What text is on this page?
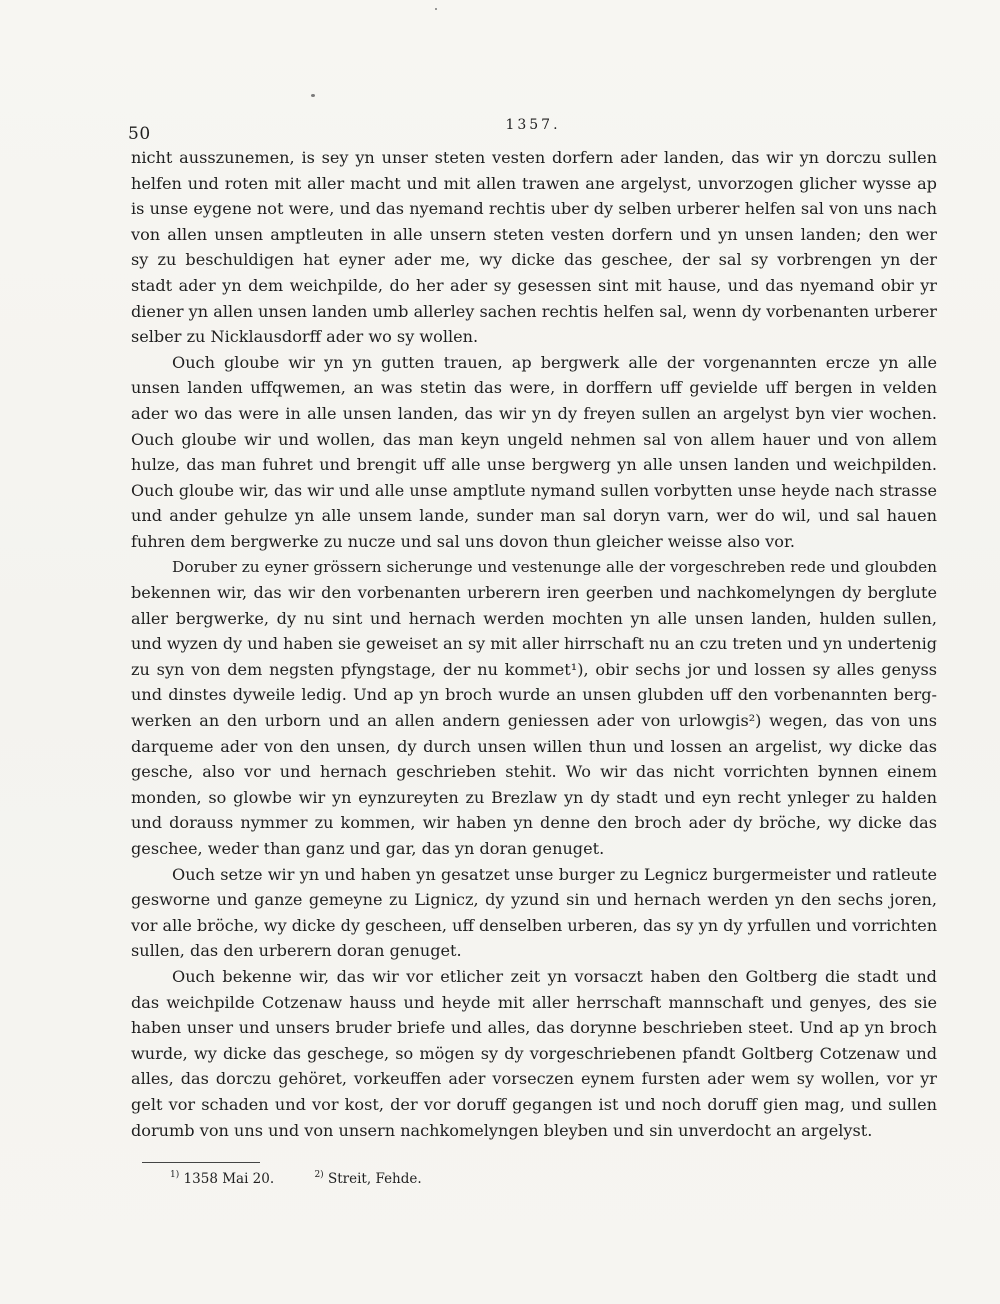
50	1357.
nicht ausszunemen, is sey yn unser steten vesten dorfern ader landen, das wir yn dorczu sullen
helfen und roten mit aller macht und mit allen trawen ane argelyst, unvorzogen glicher wysse ap
is unse eygene not were, und das nyemand rechtis uber dy selben urberer helfen sal von uns nach
von allen unsen amptleuten in alle unsern steten vesten dorfern und yn unsen landen; den wer
sy zu beschuldigen hat eyner ader me, wy dicke das geschee, der sal sy vorbrengen yn der
stadt ader yn dem weichpilde, do her ader sy gesessen sint mit hause, und das nyemand obir yr
diener yn allen unsen landen umb allerley sachen rechtis helfen sal, wenn dy vorbenanten urberer
selber zu Nicklausdorff ader wo sy wollen.
Ouch gloube wir yn yn gutten trauen, ap bergwerk alle der vorgenannten ercze yn alle
unsen landen uffqwemen, an was stetin das were, in dorffern uff gevielde uff bergen in velden
ader wo das were in alle unsen landen, das wir yn dy freyen sullen an argelyst byn vier wochen.
Ouch gloube wir und wollen, das man keyn ungeld nehmen sal von allem hauer und von allem
hulze, das man fuhret und brengit uff alle unse bergwerg yn alle unsen landen und weichpilden.
Ouch gloube wir, das wir und alle unse amptlute nymand sullen vorbytten unse heyde nach strasse
und ander gehulze yn alle unsem lande, sunder man sal doryn varn, wer do wil, und sal hauen
fuhren dem bergwerke zu nucze und sal uns dovon thun gleicher weisse also vor.
Doruber zu eyner grössern sicherunge und vestenunge alle der vorgeschreben rede und gloubden
bekennen wir, das wir den vorbenanten urberern iren geerben und nachkomelyngen dy berglute
aller bergwerke, dy nu sint und hernach werden mochten yn alle unsen landen, hulden sullen,
und wyzen dy und haben sie geweiset an sy mit aller hirrschaft nu an czu treten und yn undertenig
zu syn von dem negsten pfyngstage, der nu kommet¹), obir sechs jor und lossen sy alles genyss
und dinstes dyweile ledig. Und ap yn broch wurde an unsen glubden uff den vorbenannten berg-
werken an den urborn und an allen andern geniessen ader von urlowgis²) wegen, das von uns
darqueme ader von den unsen, dy durch unsen willen thun und lossen an argelist, wy dicke das
gesche, also vor und hernach geschrieben stehit. Wo wir das nicht vorrichten bynnen einem
monden, so glowbe wir yn eynzureyten zu Brezlaw yn dy stadt und eyn recht ynleger zu halden
und dorauss nymmer zu kommen, wir haben yn denne den broch ader dy bröche, wy dicke das
geschee, weder than ganz und gar, das yn doran genuget.
Ouch setze wir yn und haben yn gesatzet unse burger zu Legnicz burgermeister und ratleute
gesworne und ganze gemeyne zu Lignicz, dy yzund sin und hernach werden yn den sechs joren,
vor alle bröche, wy dicke dy gescheen, uff denselben urberen, das sy yn dy yrfullen und vorrichten
sullen, das den urberern doran genuget.
Ouch bekenne wir, das wir vor etlicher zeit yn vorsaczt haben den Goltberg die stadt und
das weichpilde Cotzenaw hauss und heyde mit aller herrschaft mannschaft und genyes, des sie
haben unser und unsers bruder briefe und alles, das dorynne beschrieben steet. Und ap yn broch
wurde, wy dicke das geschege, so mögen sy dy vorgeschriebenen pfandt Goltberg Cotzenaw und
alles, das dorczu gehöret, vorkeuffen ader vorseczen eynem fursten ader wem sy wollen, vor yr
gelt vor schaden und vor kost, der vor doruff gegangen ist und noch doruff gien mag, und sullen
dorumb von uns und von unsern nachkomelyngen bleyben und sin unverdocht an argelyst.
$^{1)}$ 1358 Mai 20.	$^{2)}$ Streit, Fehde.
